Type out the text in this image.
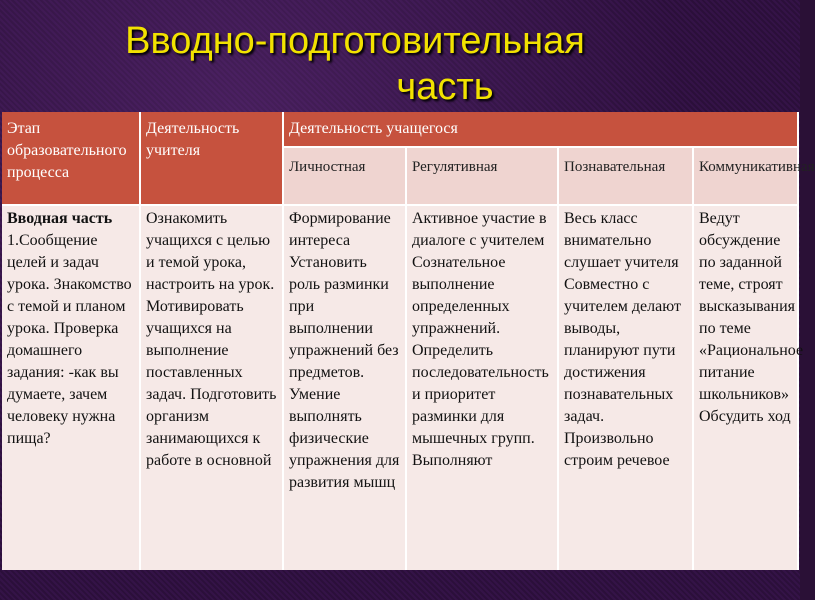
Вводно-подготовительная
часть
Этап образовательного процесса	Деятельность учителя	Деятельность учащегося			
		Личностная	Регулятивная	Познавательная	Коммуникативная

Вводная часть
1.Сообщение целей и задач урока. Знакомство с темой и планом урока. Проверка домашнего задания: -как вы думаете, зачем человеку нужна пища?	Ознакомить учащихся с целью и темой урока, настроить на урок. Мотивировать учащихся на выполнение поставленных задач. Подготовить организм занимающихся к работе в основной	Формирование интереса Установить роль разминки при выполнении упражнений без предметов. Умение выполнять физические упражнения для развития мышц	Активное участие в диалоге с учителем Сознательное выполнение определенных упражнений. Определить последовательность и приоритет разминки для мышечных групп. Выполняют	Весь класс внимательно слушает учителя Совместно с учителем делают выводы, планируют пути достижения познавательных задач. Произвольно строим речевое	Ведут обсуждение по заданной теме, строят высказывания по теме «Рациональное питание школьников» Обсудить ход
